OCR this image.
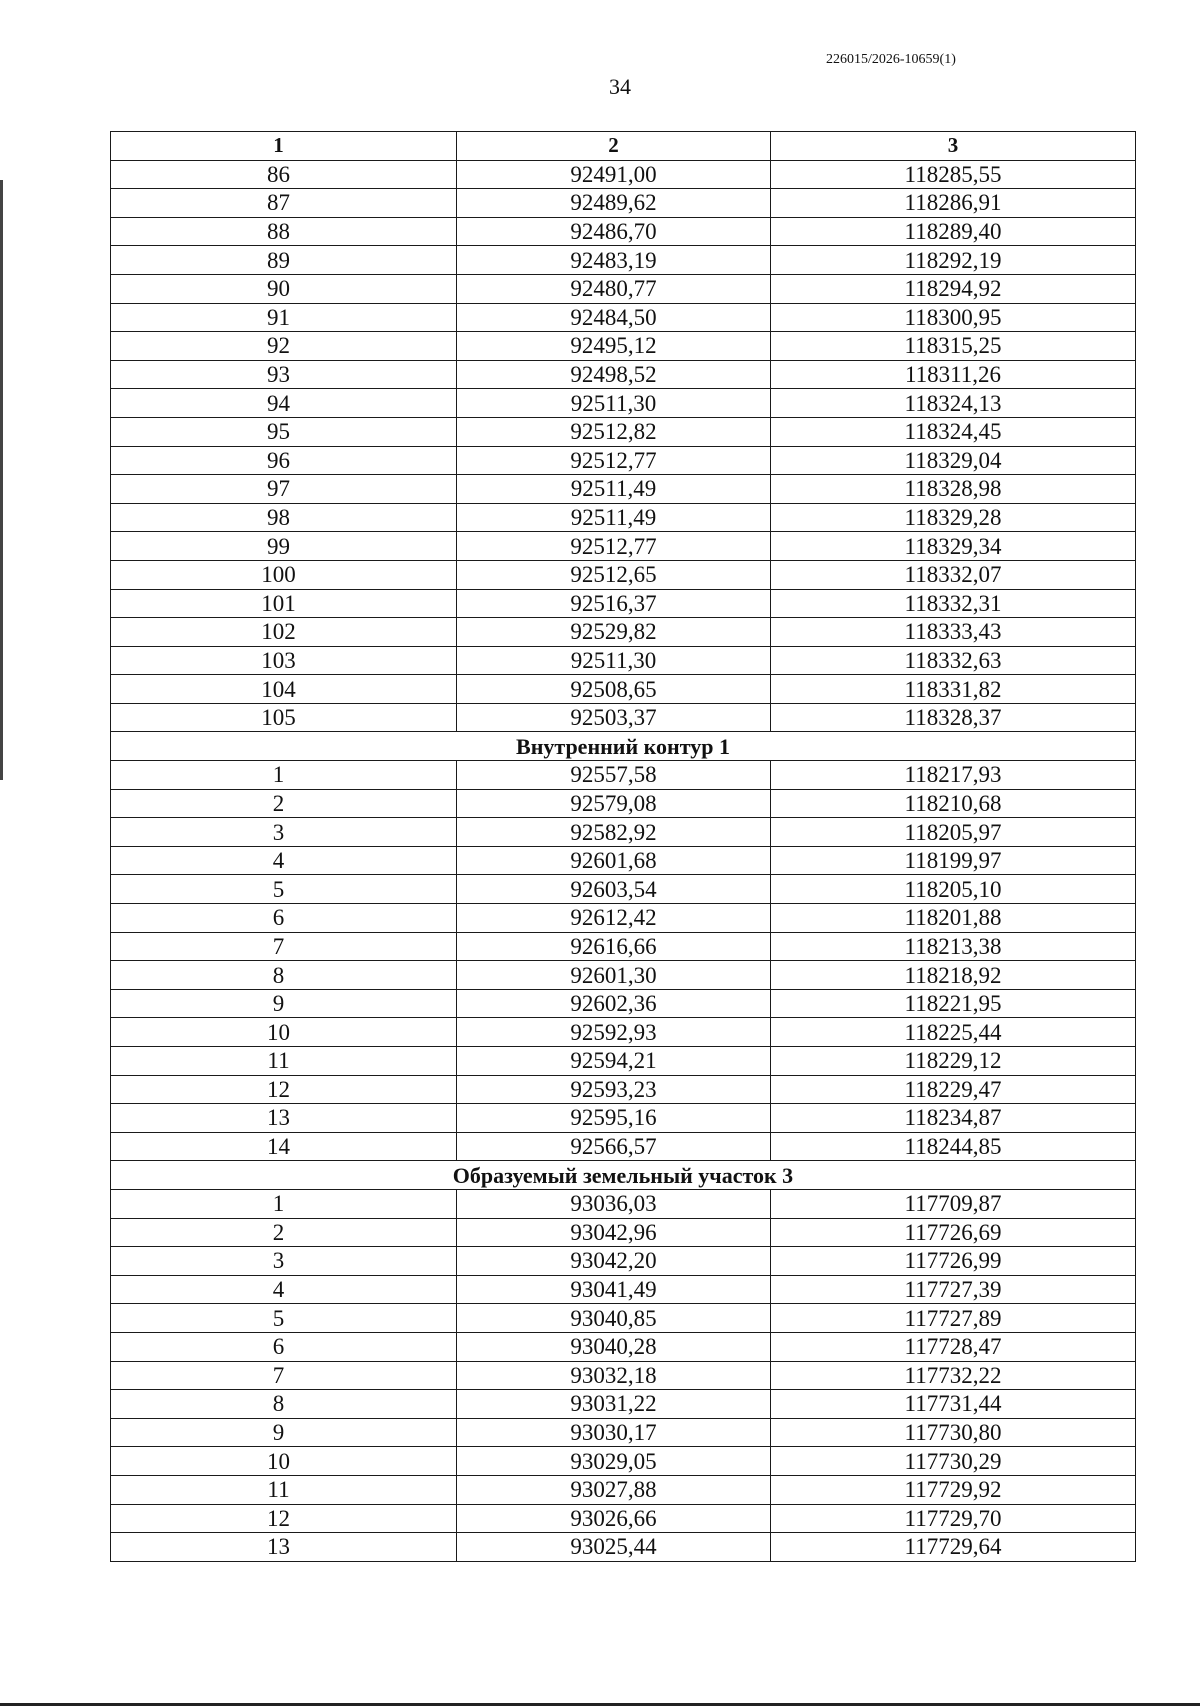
226015/2026-10659(1)
34
1	2	3
86	92491,00	118285,55
87	92489,62	118286,91
88	92486,70	118289,40
89	92483,19	118292,19
90	92480,77	118294,92
91	92484,50	118300,95
92	92495,12	118315,25
93	92498,52	118311,26
94	92511,30	118324,13
95	92512,82	118324,45
96	92512,77	118329,04
97	92511,49	118328,98
98	92511,49	118329,28
99	92512,77	118329,34
100	92512,65	118332,07
101	92516,37	118332,31
102	92529,82	118333,43
103	92511,30	118332,63
104	92508,65	118331,82
105	92503,37	118328,37
Внутренний контур 1		
1	92557,58	118217,93
2	92579,08	118210,68
3	92582,92	118205,97
4	92601,68	118199,97
5	92603,54	118205,10
6	92612,42	118201,88
7	92616,66	118213,38
8	92601,30	118218,92
9	92602,36	118221,95
10	92592,93	118225,44
11	92594,21	118229,12
12	92593,23	118229,47
13	92595,16	118234,87
14	92566,57	118244,85
Образуемый земельный участок 3		
1	93036,03	117709,87
2	93042,96	117726,69
3	93042,20	117726,99
4	93041,49	117727,39
5	93040,85	117727,89
6	93040,28	117728,47
7	93032,18	117732,22
8	93031,22	117731,44
9	93030,17	117730,80
10	93029,05	117730,29
11	93027,88	117729,92
12	93026,66	117729,70
13	93025,44	117729,64
